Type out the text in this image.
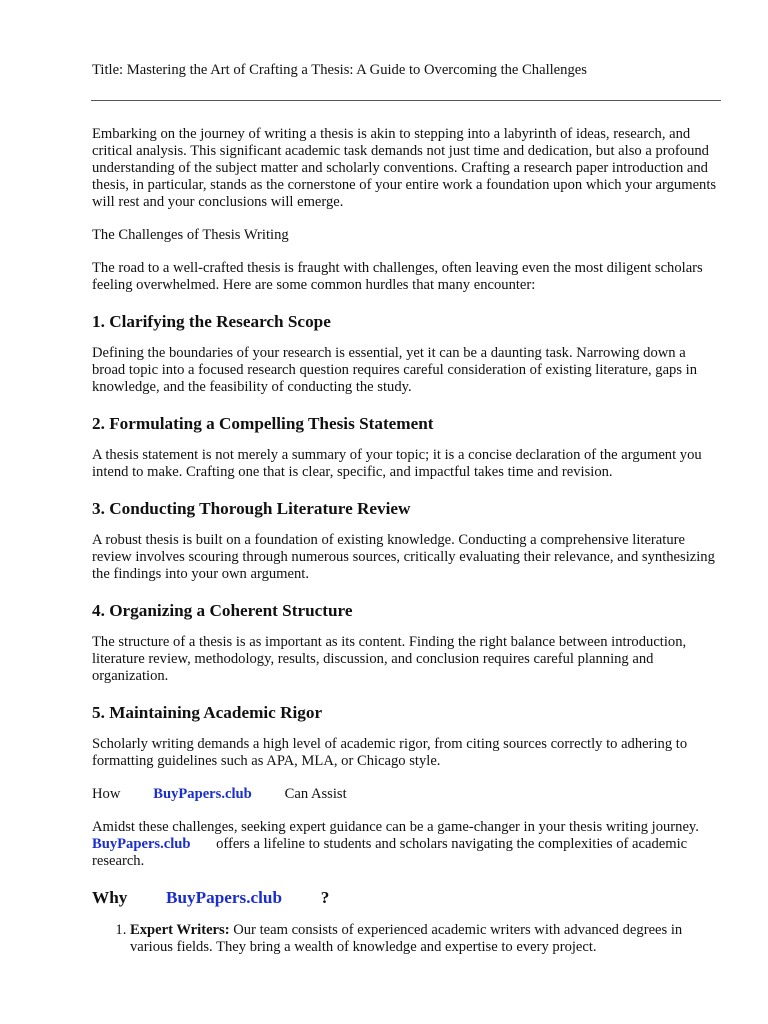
Title: Mastering the Art of Crafting a Thesis: A Guide to Overcoming the Challenges

Embarking on the journey of writing a thesis is akin to stepping into a labyrinth of ideas, research, and critical analysis. This significant academic task demands not just time and dedication, but also a profound understanding of the subject matter and scholarly conventions. Crafting a research paper introduction and thesis, in particular, stands as the cornerstone of your entire work a foundation upon which your arguments will rest and your conclusions will emerge.

The Challenges of Thesis Writing

The road to a well-crafted thesis is fraught with challenges, often leaving even the most diligent scholars feeling overwhelmed. Here are some common hurdles that many encounter:

1. Clarifying the Research Scope

Defining the boundaries of your research is essential, yet it can be a daunting task. Narrowing down a broad topic into a focused research question requires careful consideration of existing literature, gaps in knowledge, and the feasibility of conducting the study.

2. Formulating a Compelling Thesis Statement

A thesis statement is not merely a summary of your topic; it is a concise declaration of the argument you intend to make. Crafting one that is clear, specific, and impactful takes time and revision.

3. Conducting Thorough Literature Review

A robust thesis is built on a foundation of existing knowledge. Conducting a comprehensive literature review involves scouring through numerous sources, critically evaluating their relevance, and synthesizing the findings into your own argument.

4. Organizing a Coherent Structure

The structure of a thesis is as important as its content. Finding the right balance between introduction, literature review, methodology, results, discussion, and conclusion requires careful planning and organization.

5. Maintaining Academic Rigor

Scholarly writing demands a high level of academic rigor, from citing sources correctly to adhering to formatting guidelines such as APA, MLA, or Chicago style.

How BuyPapers.club Can Assist

Amidst these challenges, seeking expert guidance can be a game-changer in your thesis writing journey.       BuyPapers.club offers a lifeline to students and scholars navigating the complexities of academic research.

Why BuyPapers.club ?

1. Expert Writers: Our team consists of experienced academic writers with advanced degrees in various fields. They bring a wealth of knowledge and expertise to every project.
